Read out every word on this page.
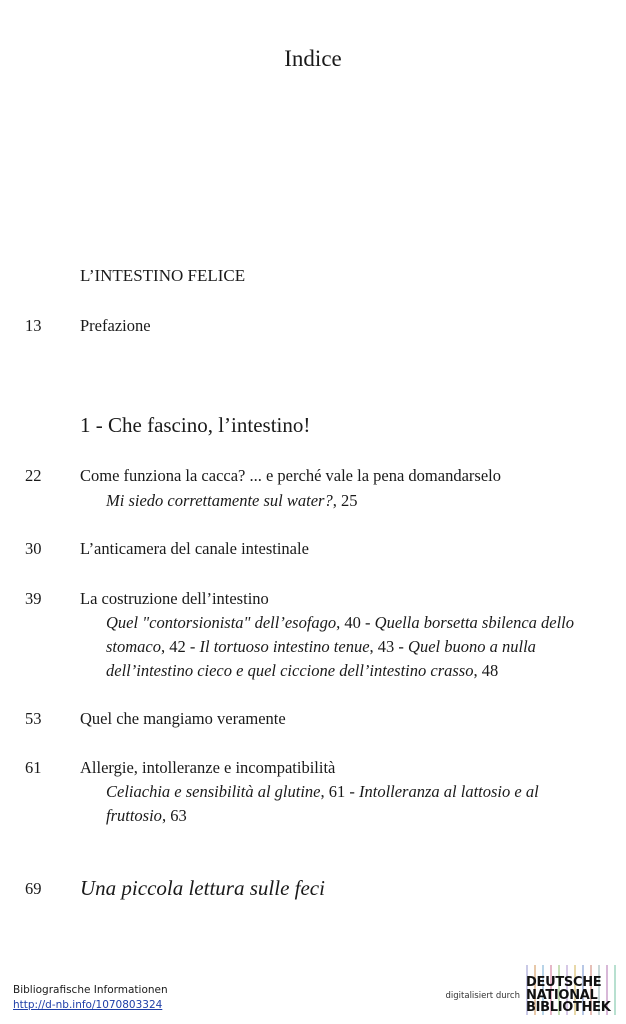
Indice
L’INTESTINO FELICE
13 Prefazione
1 - Che fascino, l’intestino!
22 Come funziona la cacca? ... e perché vale la pena domandarselo
Mi siedo correttamente sul water?, 25
30 L’anticamera del canale intestinale
39 La costruzione dell’intestino
Quel "contorsionista" dell’esofago, 40 - Quella borsetta sbilenca dello stomaco, 42 - Il tortuoso intestino tenue, 43 - Quel buono a nulla dell’intestino cieco e quel ciccione dell’intestino crasso, 48
53 Quel che mangiamo veramente
61 Allergie, intolleranze e incompatibilità
Celiachia e sensibilità al glutine, 61 - Intolleranza al lattosio e al fruttosio, 63
69 Una piccola lettura sulle feci
Bibliografische Informationen
http://d-nb.info/1070803324
digitalisiert durch
DEUTSCHE
NATIONAL
BIBLIOTHEK
